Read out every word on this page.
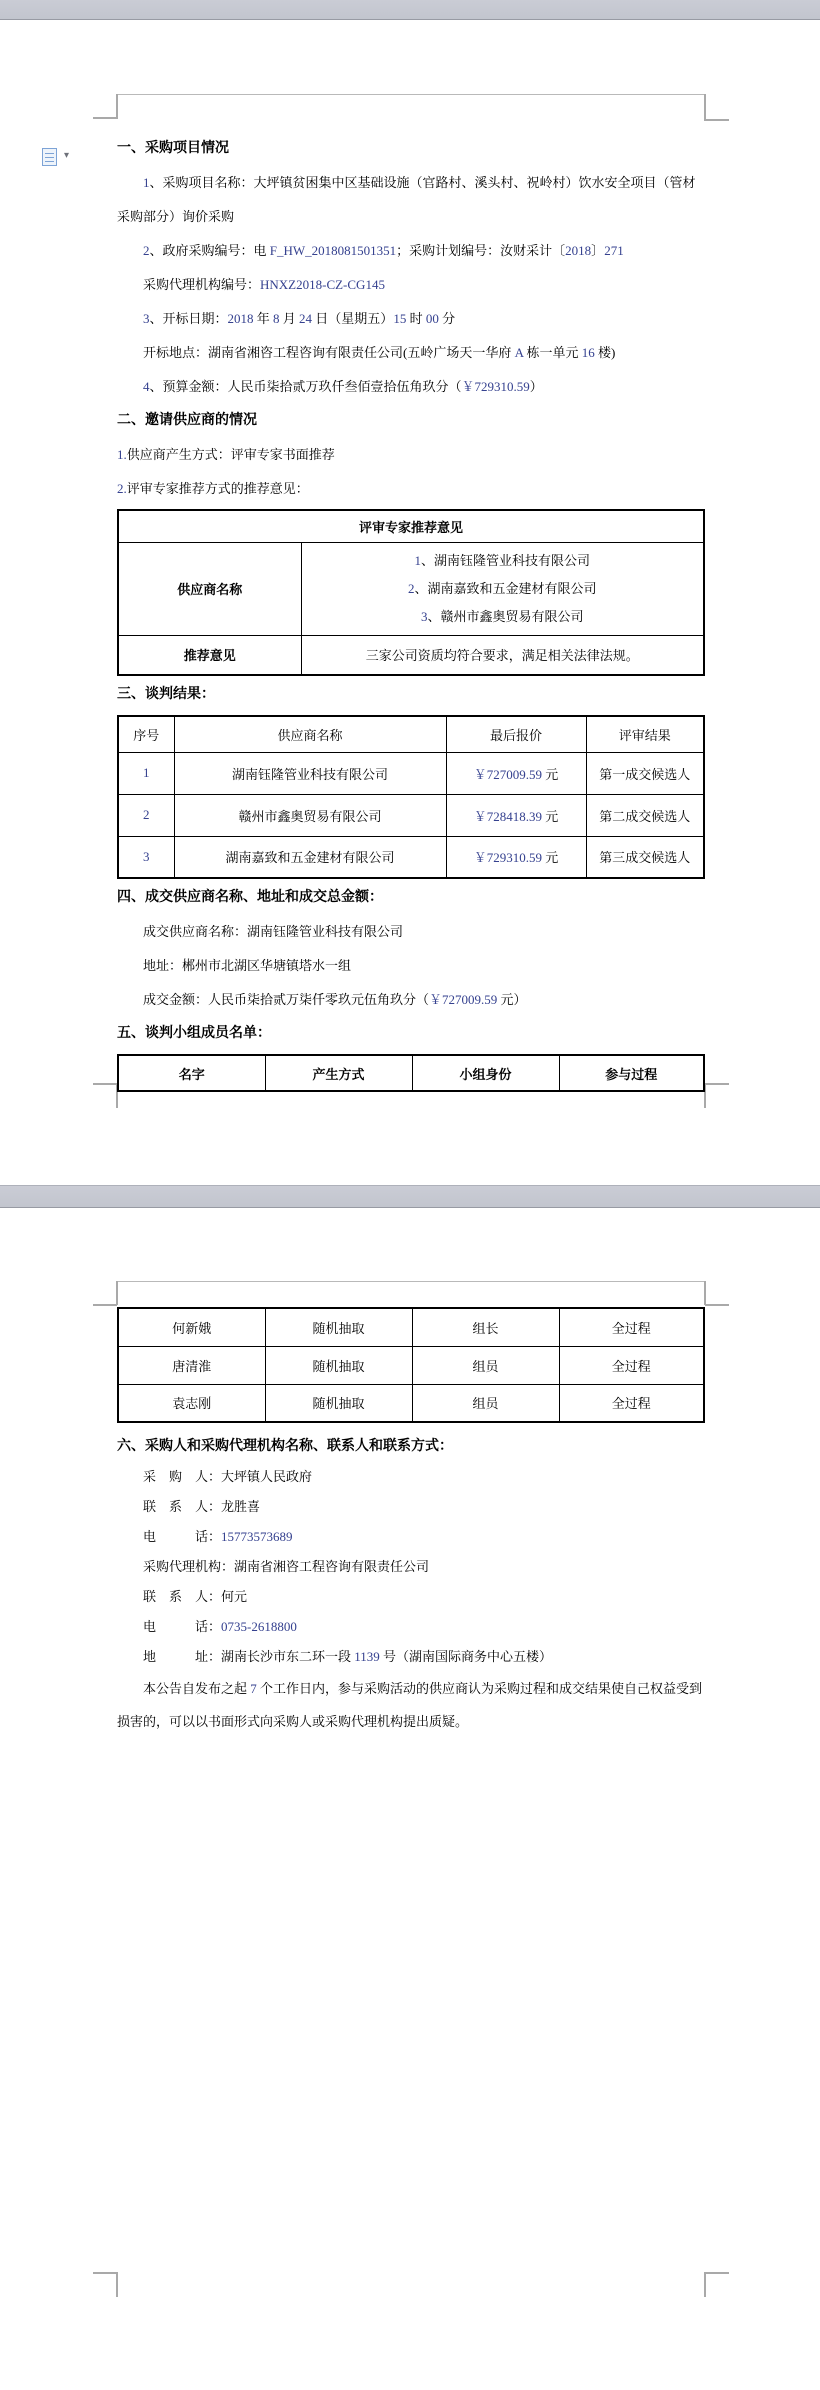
▾	一、采购项目情况
1、采购项目名称：大坪镇贫困集中区基础设施（官路村、溪头村、祝岭村）饮水安全项目（管材采购部分）询价采购
2、政府采购编号：电 F_HW_2018081501351；采购计划编号：汝财采计〔2018〕271
采购代理机构编号：HNXZ2018-CZ-CG145
3、开标日期：2018 年 8 月 24 日（星期五）15 时 00 分
开标地点：湖南省湘咨工程咨询有限责任公司(五岭广场天一华府 A 栋一单元 16 楼)
4、预算金额：人民币柒拾贰万玖仟叁佰壹拾伍角玖分（￥729310.59）
二、邀请供应商的情况
1.供应商产生方式：评审专家书面推荐
2.评审专家推荐方式的推荐意见：
评审专家推荐意见	
供应商名称	1、湖南钰隆管业科技有限公司
2、湖南嘉致和五金建材有限公司
3、赣州市鑫奥贸易有限公司

推荐意见	三家公司资质均符合要求，满足相关法律法规。
三、谈判结果：
序号	供应商名称	最后报价	评审结果
1	湖南钰隆管业科技有限公司	￥727009.59 元	第一成交候选人
2	赣州市鑫奥贸易有限公司	￥728418.39 元	第二成交候选人
3	湖南嘉致和五金建材有限公司	￥729310.59 元	第三成交候选人
四、成交供应商名称、地址和成交总金额：
成交供应商名称：湖南钰隆管业科技有限公司
地址：郴州市北湖区华塘镇塔水一组
成交金额：人民币柒拾贰万柒仟零玖元伍角玖分（￥727009.59 元）
五、谈判小组成员名单：
名字	产生方式	小组身份	参与过程
何新娥	随机抽取	组长	全过程
唐清淮	随机抽取	组员	全过程
袁志刚	随机抽取	组员	全过程
六、采购人和采购代理机构名称、联系人和联系方式：
采　购　人：大坪镇人民政府
联　系　人：龙胜喜
电　　　话：15773573689
采购代理机构：湖南省湘咨工程咨询有限责任公司
联　系　人：何元
电　　　话：0735-2618800
地　　　址：湖南长沙市东二环一段 1139 号（湖南国际商务中心五楼）
本公告自发布之起 7 个工作日内，参与采购活动的供应商认为采购过程和成交结果使自己权益受到损害的，可以以书面形式向采购人或采购代理机构提出质疑。
